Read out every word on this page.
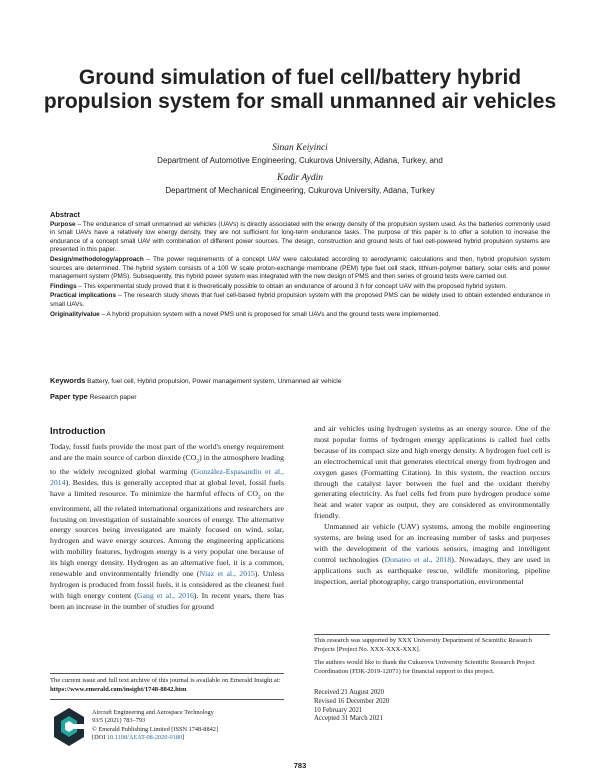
Ground simulation of fuel cell/battery hybrid propulsion system for small unmanned air vehicles
Sinan Keiyinci
Department of Automotive Engineering, Cukurova University, Adana, Turkey, and
Kadir Aydin
Department of Mechanical Engineering, Cukurova University, Adana, Turkey

Abstract

Purpose – The endurance of small unmanned air vehicles (UAVs) is directly associated with the energy density of the propulsion system used. As the batteries commonly used in small UAVs have a relatively low energy density, they are not sufficient for long-term endurance tasks. The purpose of this paper is to offer a solution to increase the endurance of a concept small UAV with combination of different power sources. The design, construction and ground tests of fuel cell-powered hybrid propulsion systems are presented in this paper.

Design/methodology/approach – The power requirements of a concept UAV were calculated according to aerodynamic calculations and then, hybrid propulsion system sources are determined. The hybrid system consists of a 100 W scale proton-exchange membrane (PEM) type fuel cell stack, lithium-polymer battery, solar cells and power management system (PMS). Subsequently, this hybrid power system was integrated with the new design of PMS and then series of ground tests were carried out.

Findings – This experimental study proved that it is theoretically possible to obtain an endurance of around 3 h for concept UAV with the proposed hybrid system.

Practical implications – The research study shows that fuel cell-based hybrid propulsion system with the proposed PMS can be widely used to obtain extended endurance in small UAVs.

Originality/value – A hybrid propulsion system with a novel PMS unit is proposed for small UAVs and the ground tests were implemented.

Keywords Battery, fuel cell, Hybrid propulsion, Power management system, Unmanned air vehicle
Paper type Research paper
Introduction

Today, fossil fuels provide the most part of the world's energy requirement and are the main source of carbon dioxide $(CO_2)$ in the atmosphere leading to the widely recognized global warming (González-Espasandín et al., 2014). Besides, this is generally accepted that at global level, fossil fuels have a limited resource. To minimize the harmful effects of $CO_2$ on the environment, all the related international organizations and researchers are focusing on investigation of sustainable sources of energy. The alternative energy sources being investigated are mainly focused on wind, solar, hydrogen and wave energy sources. Among the engineering applications with mobility features, hydrogen energy is a very popular one because of its high energy density. Hydrogen as an alternative fuel, it is a common, renewable and environmentally friendly one (Niaz et al., 2015). Unless hydrogen is produced from fossil fuels, it is considered as the cleanest fuel with high energy content (Gang et al., 2016). In recent years, there has been an increase in the number of studies for ground

and air vehicles using hydrogen systems as an energy source. One of the most popular forms of hydrogen energy applications is called fuel cells because of its compact size and high energy density. A hydrogen fuel cell is an electrochemical unit that generates electrical energy from hydrogen and oxygen gases (Formatting Citation). In this system, the reaction occurs through the catalyst layer between the fuel and the oxidant thereby generating electricity. As fuel cells fed from pure hydrogen produce some heat and water vapor as output, they are considered as environmentally friendly.

Unmanned air vehicle (UAV) systems, among the mobile engineering systems, are being used for an increasing number of tasks and purposes with the development of the various sensors, imaging and intelligent control technologies (Donateo et al., 2018). Nowadays, they are used in applications such as earthquake rescue, wildlife monitoring, pipeline inspection, aerial photography, cargo transportation, environmental

The current issue and full text archive of this journal is available on Emerald Insight at: https://www.emerald.com/insight/1748-8842.htm
Aircraft Engineering and Aerospace Technology
93/5 (2021) 783–793
© Emerald Publishing Limited [ISSN 1748-8842]
[DOI 10.1108/AEAT-08-2020-0180]
This research was supported by XXX University Department of Scientific Research Projects [Project No. XXX-XXX-XXX].
The authors would like to thank the Cukurova University Scientific Research Project Coordination (FDK-2019-12071) for financial support to this project.
Received 21 August 2020
Revised 16 December 2020
10 February 2021
Accepted 31 March 2021
783
